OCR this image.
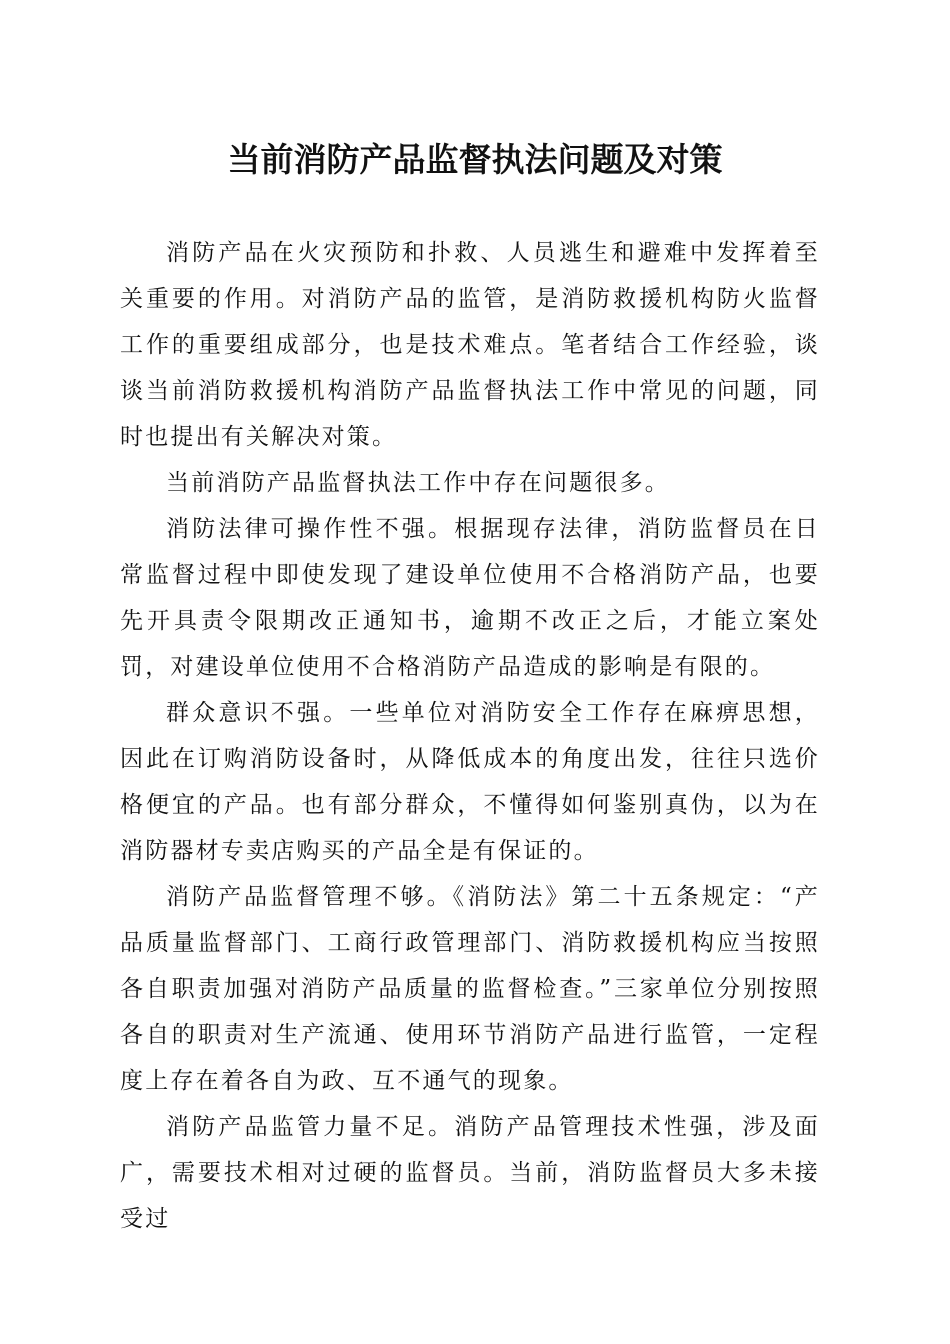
当前消防产品监督执法问题及对策

消防产品在火灾预防和扑救、人员逃生和避难中发挥着至关重要的作用。对消防产品的监管，是消防救援机构防火监督工作的重要组成部分，也是技术难点。笔者结合工作经验，谈谈当前消防救援机构消防产品监督执法工作中常见的问题，同时也提出有关解决对策。

当前消防产品监督执法工作中存在问题很多。

消防法律可操作性不强。根据现存法律，消防监督员在日常监督过程中即使发现了建设单位使用不合格消防产品，也要先开具责令限期改正通知书，逾期不改正之后，才能立案处罚，对建设单位使用不合格消防产品造成的影响是有限的。

群众意识不强。一些单位对消防安全工作存在麻痹思想，因此在订购消防设备时，从降低成本的角度出发，往往只选价格便宜的产品。也有部分群众，不懂得如何鉴别真伪，以为在消防器材专卖店购买的产品全是有保证的。

消防产品监督管理不够。《消防法》第二十五条规定：“产品质量监督部门、工商行政管理部门、消防救援机构应当按照各自职责加强对消防产品质量的监督检查。”三家单位分别按照各自的职责对生产流通、使用环节消防产品进行监管，一定程度上存在着各自为政、互不通气的现象。

消防产品监管力量不足。消防产品管理技术性强，涉及面广，需要技术相对过硬的监督员。当前，消防监督员大多未接受过
